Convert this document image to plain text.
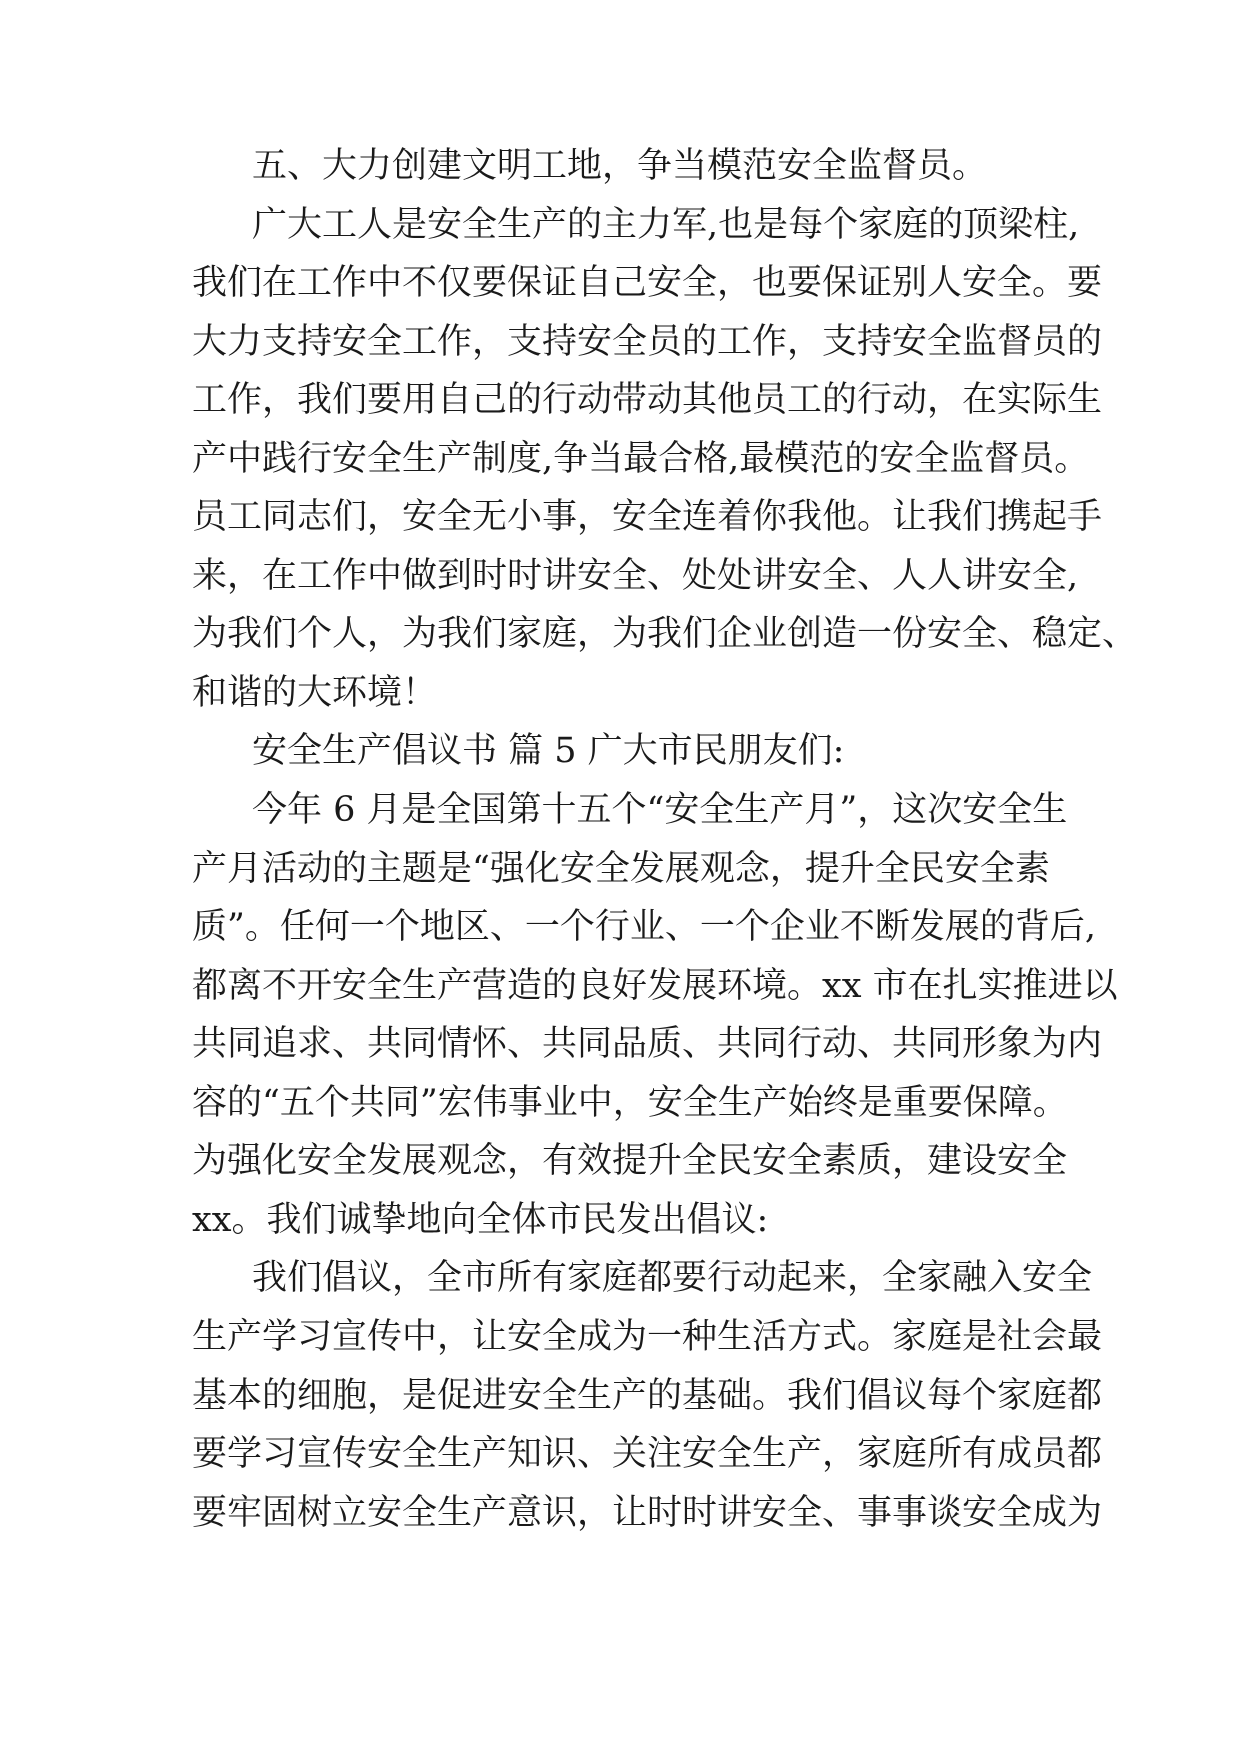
五、大力创建文明工地，争当模范安全监督员。
广大工人是安全生产的主力军,也是每个家庭的顶梁柱,
我们在工作中不仅要保证自己安全，也要保证别人安全。要
大力支持安全工作，支持安全员的工作，支持安全监督员的
工作，我们要用自己的行动带动其他员工的行动，在实际生
产中践行安全生产制度,争当最合格,最模范的安全监督员。
员工同志们，安全无小事，安全连着你我他。让我们携起手
来，在工作中做到时时讲安全、处处讲安全、人人讲安全,
为我们个人，为我们家庭，为我们企业创造一份安全、稳定、
和谐的大环境！
安全生产倡议书 篇 5 广大市民朋友们:
今年 6 月是全国第十五个“安全生产月”，这次安全生
产月活动的主题是“强化安全发展观念，提升全民安全素
质”。任何一个地区、一个行业、一个企业不断发展的背后,
都离不开安全生产营造的良好发展环境。xx 市在扎实推进以
共同追求、共同情怀、共同品质、共同行动、共同形象为内
容的“五个共同”宏伟事业中，安全生产始终是重要保障。
为强化安全发展观念，有效提升全民安全素质，建设安全
xx。我们诚挚地向全体市民发出倡议:
我们倡议，全市所有家庭都要行动起来，全家融入安全
生产学习宣传中，让安全成为一种生活方式。家庭是社会最
基本的细胞，是促进安全生产的基础。我们倡议每个家庭都
要学习宣传安全生产知识、关注安全生产，家庭所有成员都
要牢固树立安全生产意识，让时时讲安全、事事谈安全成为
